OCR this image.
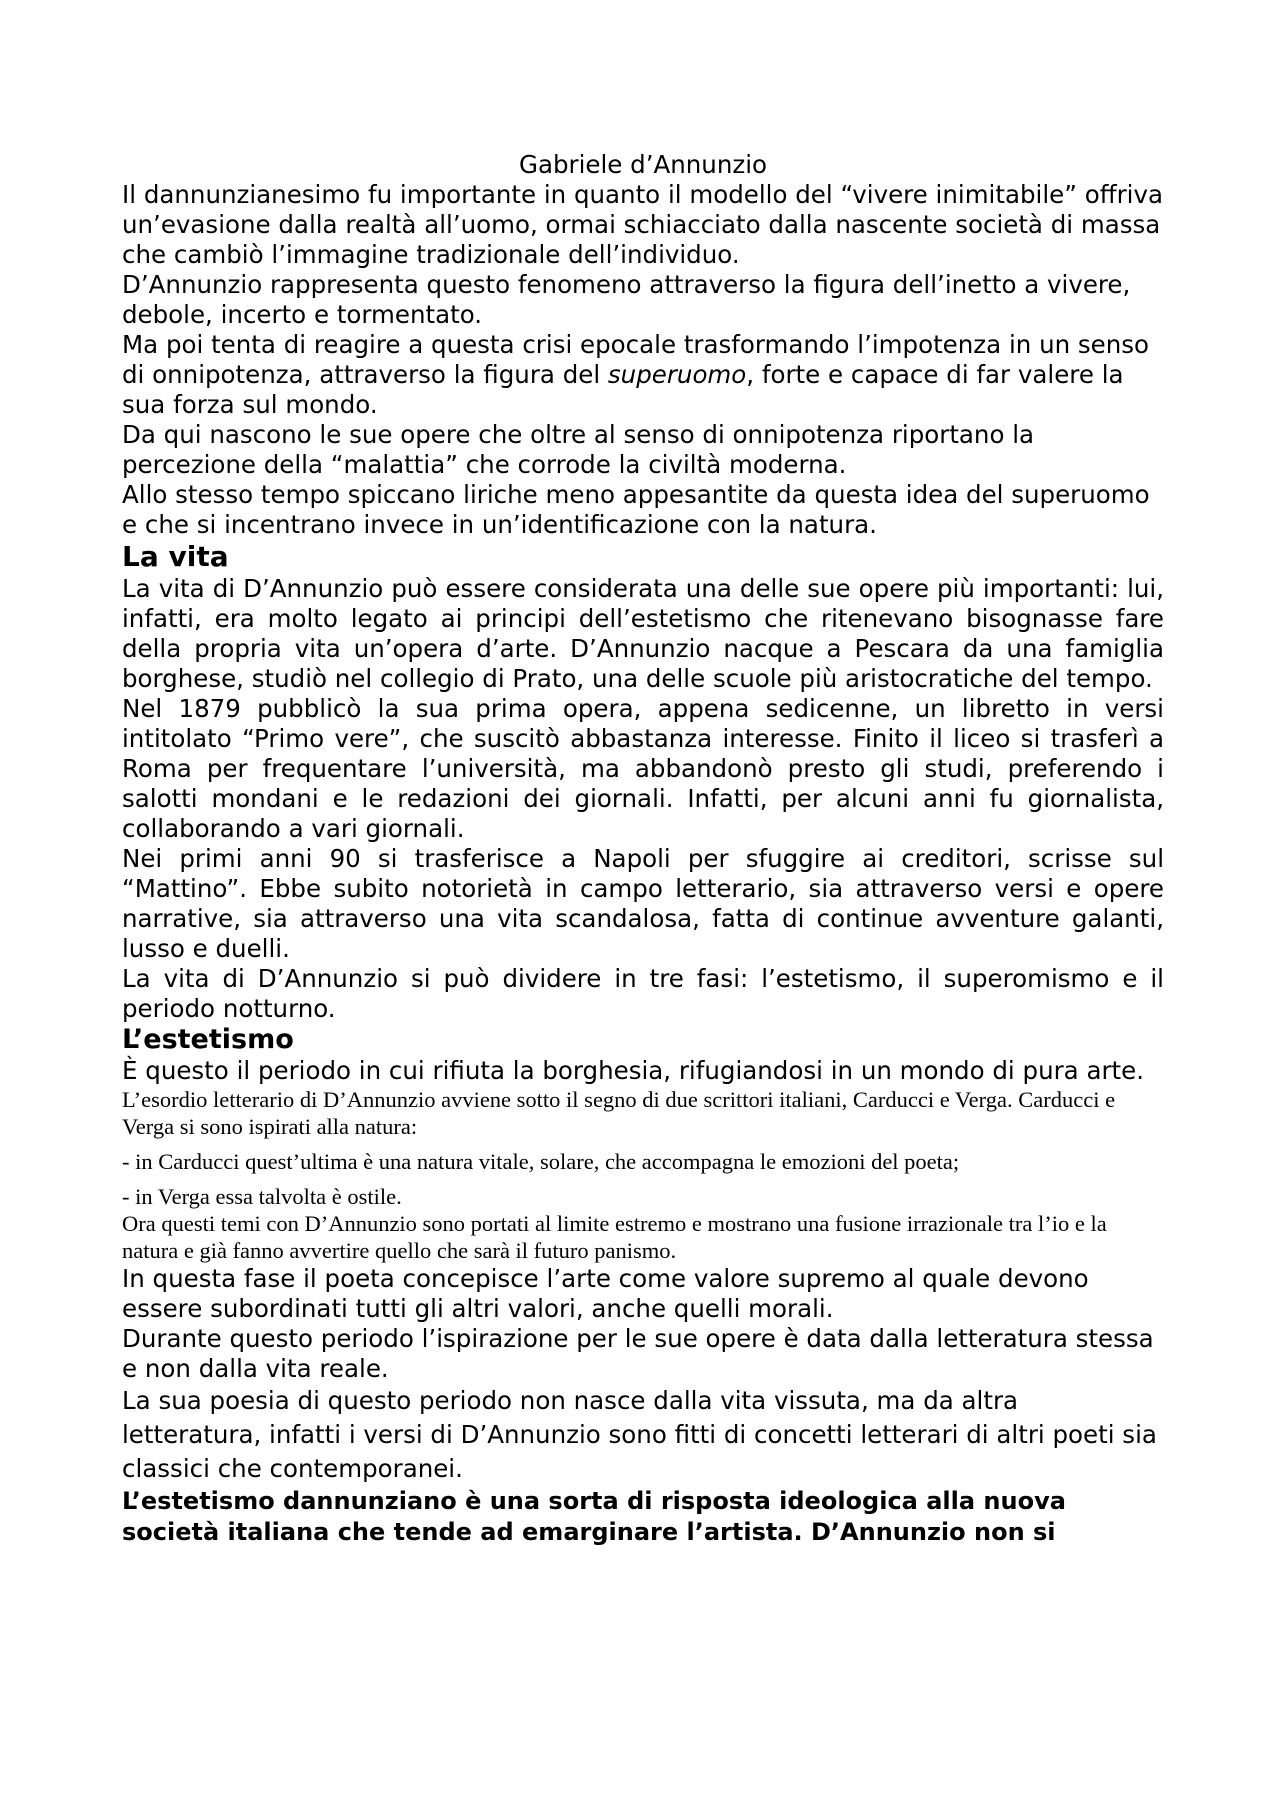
Gabriele d’Annunzio

Il dannunzianesimo fu importante in quanto il modello del “vivere inimitabile” offriva un’evasione dalla realtà all’uomo, ormai schiacciato dalla nascente società di massa che cambiò l’immagine tradizionale dell’individuo.

D’Annunzio rappresenta questo fenomeno attraverso la figura dell’inetto a vivere, debole, incerto e tormentato.

Ma poi tenta di reagire a questa crisi epocale trasformando l’impotenza in un senso di onnipotenza, attraverso la figura del superuomo, forte e capace di far valere la sua forza sul mondo.

Da qui nascono le sue opere che oltre al senso di onnipotenza riportano la percezione della “malattia” che corrode la civiltà moderna.

Allo stesso tempo spiccano liriche meno appesantite da questa idea del superuomo e che si incentrano invece in un’identificazione con la natura.

La vita

La vita di D’Annunzio può essere considerata una delle sue opere più importanti: lui, infatti, era molto legato ai principi dell’estetismo che ritenevano bisognasse fare della propria vita un’opera d’arte. D’Annunzio nacque a Pescara da una famiglia borghese, studiò nel collegio di Prato, una delle scuole più aristocratiche del tempo.

Nel 1879 pubblicò la sua prima opera, appena sedicenne, un libretto in versi intitolato “Primo vere”, che suscitò abbastanza interesse. Finito il liceo si trasferì a Roma per frequentare l’università, ma abbandonò presto gli studi, preferendo i salotti mondani e le redazioni dei giornali. Infatti, per alcuni anni fu giornalista, collaborando a vari giornali.

Nei primi anni 90 si trasferisce a Napoli per sfuggire ai creditori, scrisse sul “Mattino”. Ebbe subito notorietà in campo letterario, sia attraverso versi e opere narrative, sia attraverso una vita scandalosa, fatta di continue avventure galanti, lusso e duelli.

La vita di D’Annunzio si può dividere in tre fasi: l’estetismo, il superomismo e il periodo notturno.

L’estetismo

È questo il periodo in cui rifiuta la borghesia, rifugiandosi in un mondo di pura arte.

L’esordio letterario di D’Annunzio avviene sotto il segno di due scrittori italiani, Carducci e Verga. Carducci e Verga si sono ispirati alla natura:

- in Carducci quest’ultima è una natura vitale, solare, che accompagna le emozioni del poeta;

- in Verga essa talvolta è ostile.

Ora questi temi con D’Annunzio sono portati al limite estremo e mostrano una fusione irrazionale tra l’io e la natura e già fanno avvertire quello che sarà il futuro panismo.

In questa fase il poeta concepisce l’arte come valore supremo al quale devono essere subordinati tutti gli altri valori, anche quelli morali.

Durante questo periodo l’ispirazione per le sue opere è data dalla letteratura stessa e non dalla vita reale.

La sua poesia di questo periodo non nasce dalla vita vissuta, ma da altra letteratura, infatti i versi di D’Annunzio sono fitti di concetti letterari di altri poeti sia classici che contemporanei.

L’estetismo dannunziano è una sorta di risposta ideologica alla nuova società italiana che tende ad emarginare l’artista. D’Annunzio non si
